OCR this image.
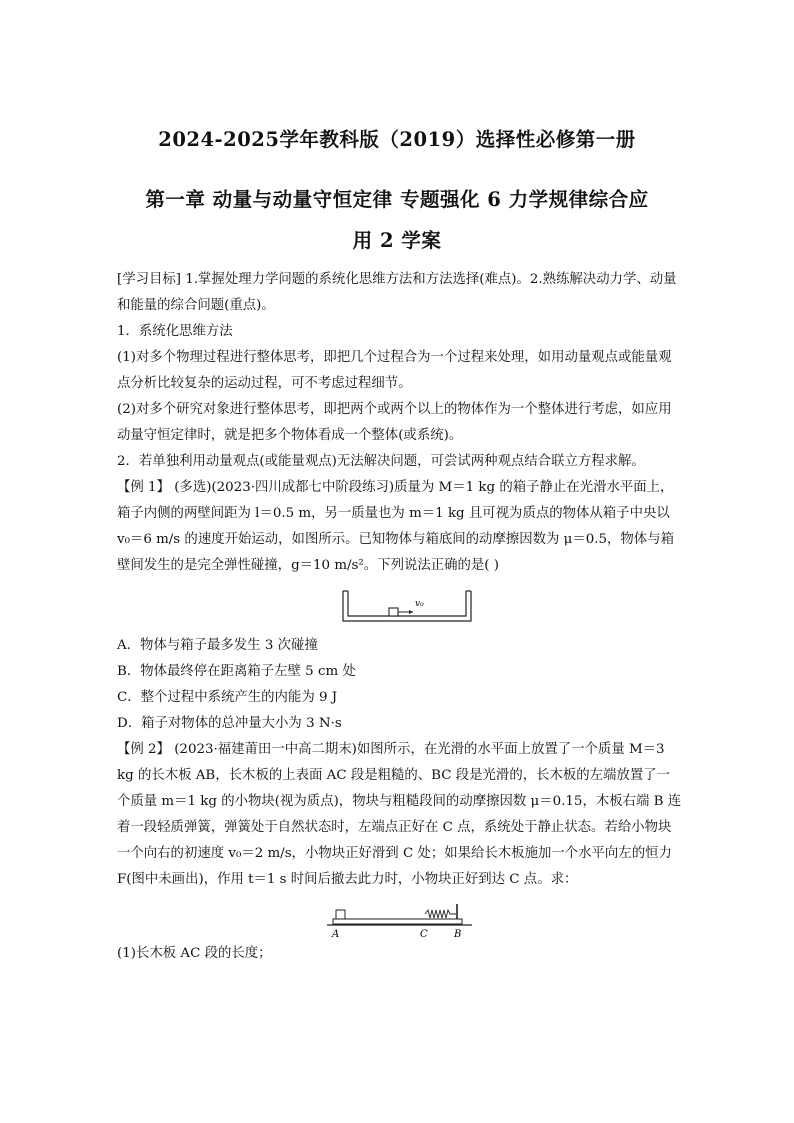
2024-2025学年教科版（2019）选择性必修第一册
第一章 动量与动量守恒定律 专题强化 6 力学规律综合应
用 2 学案

[学习目标] 1.掌握处理力学问题的系统化思维方法和方法选择(难点)。2.熟练解决动力学、动量和能量的综合问题(重点)。

1．系统化思维方法

(1)对多个物理过程进行整体思考，即把几个过程合为一个过程来处理，如用动量观点或能量观点分析比较复杂的运动过程，可不考虑过程细节。

(2)对多个研究对象进行整体思考，即把两个或两个以上的物体作为一个整体进行考虑，如应用动量守恒定律时，就是把多个物体看成一个整体(或系统)。

2．若单独利用动量观点(或能量观点)无法解决问题，可尝试两种观点结合联立方程求解。

【例 1】 (多选)(2023·四川成都七中阶段练习)质量为 M＝1 kg 的箱子静止在光滑水平面上，箱子内侧的两壁间距为 l＝0.5 m，另一质量也为 m＝1 kg 且可视为质点的物体从箱子中央以 v₀＝6 m/s 的速度开始运动，如图所示。已知物体与箱底间的动摩擦因数为 μ＝0.5，物体与箱壁间发生的是完全弹性碰撞，g＝10 m/s²。下列说法正确的是( )

v₀

A．物体与箱子最多发生 3 次碰撞

B．物体最终停在距离箱子左壁 5 cm 处

C．整个过程中系统产生的内能为 9 J

D．箱子对物体的总冲量大小为 3 N·s

【例 2】 (2023·福建莆田一中高二期末)如图所示，在光滑的水平面上放置了一个质量 M＝3 kg 的长木板 AB，长木板的上表面 AC 段是粗糙的、BC 段是光滑的，长木板的左端放置了一个质量 m＝1 kg 的小物块(视为质点)，物块与粗糙段间的动摩擦因数 μ＝0.15，木板右端 B 连着一段轻质弹簧，弹簧处于自然状态时，左端点正好在 C 点，系统处于静止状态。若给小物块一个向右的初速度 v₀＝2 m/s，小物块正好滑到 C 处；如果给长木板施加一个水平向左的恒力 F(图中未画出)，作用 t＝1 s 时间后撤去此力时，小物块正好到达 C 点。求：

A	C	B

(1)长木板 AC 段的长度；
